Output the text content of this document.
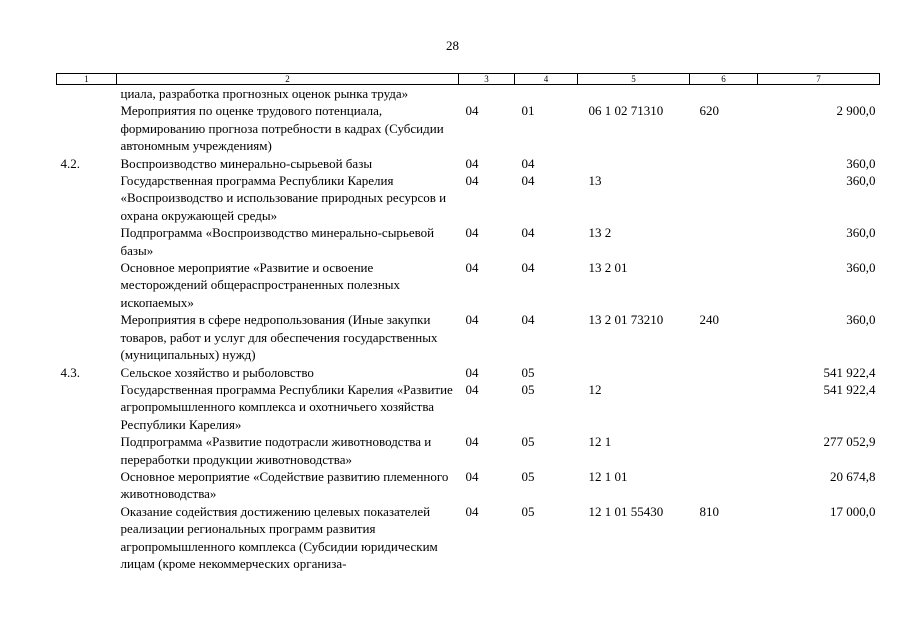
28
1	2	3	4	5	6	7
	циала, разработка прогнозных оценок рынка труда»					
	Мероприятия по оценке трудового потенциала, формированию прогноза потребности в кадрах (Субсидии автономным учреждениям)	04	01	06 1 02 71310	620	2 900,0
4.2.	Воспроизводство минерально-сырьевой базы	04	04			360,0
	Государственная программа Республики Карелия «Воспроизводство и использование природных ресурсов и охрана окружающей среды»	04	04	13		360,0
	Подпрограмма «Воспроизводство минерально-сырьевой базы»	04	04	13 2		360,0
	Основное мероприятие «Развитие и освоение месторождений общераспространенных полезных ископаемых»	04	04	13 2 01		360,0
	Мероприятия в сфере недропользования (Иные закупки товаров, работ и услуг для обеспечения государственных (муниципальных) нужд)	04	04	13 2 01 73210	240	360,0
4.3.	Сельское хозяйство и рыболовство	04	05			541 922,4
	Государственная программа Республики Карелия «Развитие агропромышленного комплекса и охотничьего хозяйства Республики Карелия»	04	05	12		541 922,4
	Подпрограмма «Развитие подотрасли животноводства и переработки продукции животноводства»	04	05	12 1		277 052,9
	Основное мероприятие «Содействие развитию племенного животноводства»	04	05	12 1 01		20 674,8
	Оказание содействия достижению целевых показателей реализации региональных программ развития агропромышленного комплекса (Субсидии юридическим лицам (кроме некоммерческих организа-	04	05	12 1 01 55430	810	17 000,0
